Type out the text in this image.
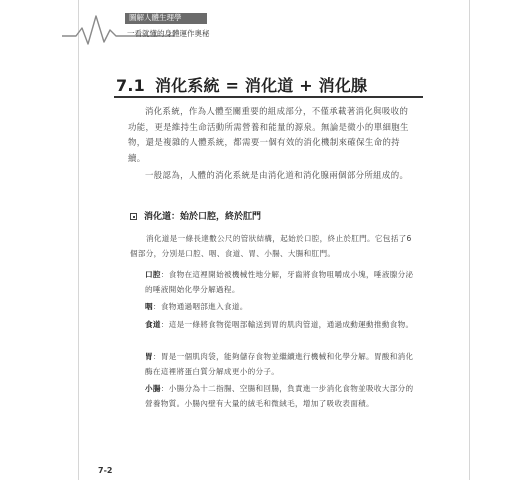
圖解人體生理學
一看就懂的身體運作奧秘
7.1 消化系統 = 消化道 + 消化腺

消化系統，作為人體至關重要的組成部分，不僅承載著消化與吸收的功能，更是維持生命活動所需營養和能量的源泉。無論是微小的單細胞生物，還是複雜的人體系統，都需要一個有效的消化機制來確保生命的持續。

一般認為，人體的消化系統是由消化道和消化腺兩個部分所組成的。

消化道：始於口腔，終於肛門

消化道是一條長達數公尺的管狀結構，起始於口腔，終止於肛門。它包括了6個部分，分別是口腔、咽、食道、胃、小腸、大腸和肛門。

口腔：食物在這裡開始被機械性地分解，牙齒將食物咀嚼成小塊，唾液腺分泌的唾液開始化學分解過程。

咽：食物通過咽部進入食道。

食道：這是一條將食物從咽部輸送到胃的肌肉管道，通過成動運動推動食物。

胃：胃是一個肌肉袋，能夠儲存食物並繼續進行機械和化學分解。胃酸和消化酶在這裡將蛋白質分解成更小的分子。

小腸：小腸分為十二指腸、空腸和回腸，負責進一步消化食物並吸收大部分的營養物質。小腸內壁有大量的絨毛和微絨毛，增加了吸收表面積。

7-2
